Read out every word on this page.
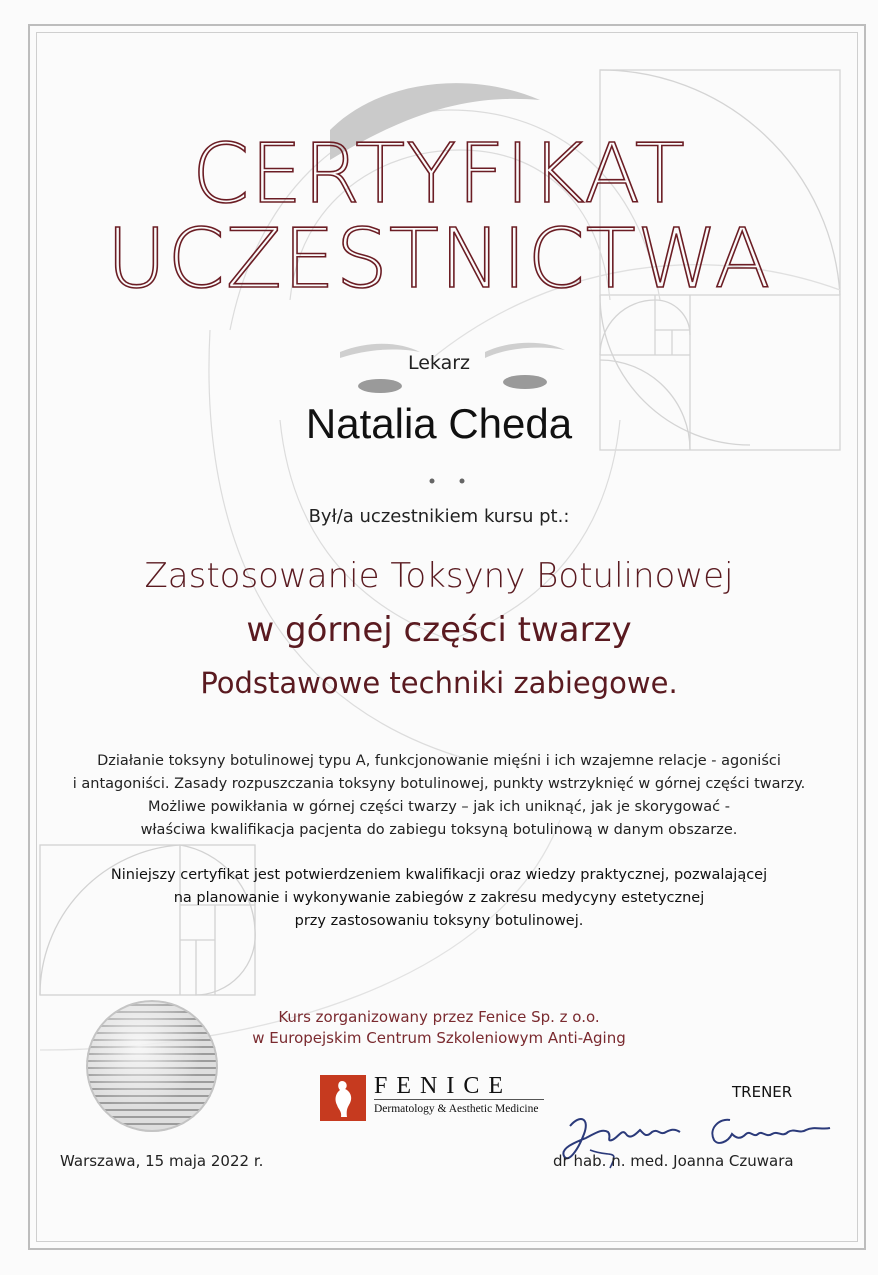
CERTYFIKAT
UCZESTNICTWA
Lekarz
Natalia Cheda
Był/a uczestnikiem kursu pt.:
Zastosowanie Toksyny Botulinowej
w górnej części twarzy
Podstawowe techniki zabiegowe.
Działanie toksyny botulinowej typu A, funkcjonowanie mięśni i ich wzajemne relacje - agoniści
i antagoniści. Zasady rozpuszczania toksyny botulinowej, punkty wstrzyknięć w górnej części twarzy.
Możliwe powikłania w górnej części twarzy – jak ich uniknąć, jak je skorygować -
właściwa kwalifikacja pacjenta do zabiegu toksyną botulinową w danym obszarze.
Niniejszy certyfikat jest potwierdzeniem kwalifikacji oraz wiedzy praktycznej, pozwalającej
na planowanie i wykonywanie zabiegów z zakresu medycyny estetycznej
przy zastosowaniu toksyny botulinowej.
Kurs zorganizowany przez Fenice Sp. z o.o.
w Europejskim Centrum Szkoleniowym Anti-Aging
FENICE
Dermatology & Aesthetic Medicine
TRENER
dr hab. n. med. Joanna Czuwara
Warszawa, 15 maja 2022 r.
